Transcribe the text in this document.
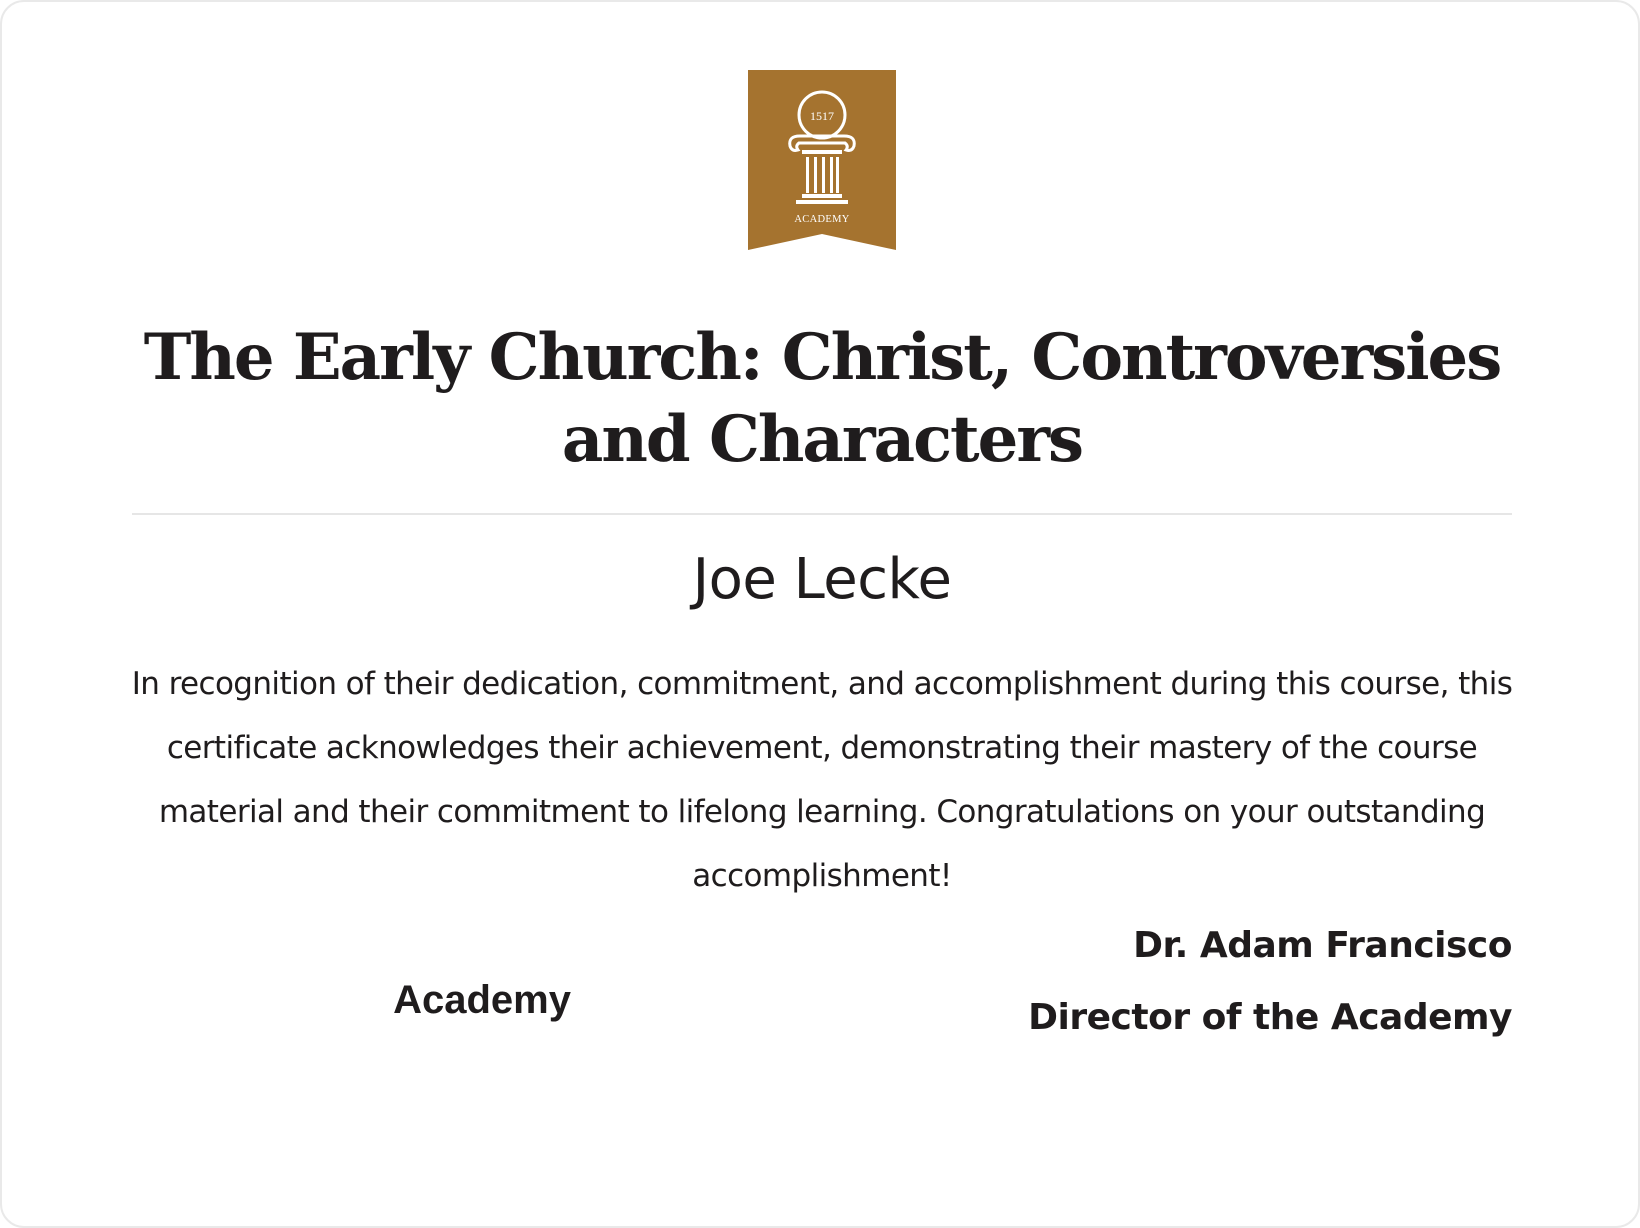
1517
ACADEMY
The Early Church: Christ, Controversies and Characters
Joe Lecke

In recognition of their dedication, commitment, and accomplishment during this course, this certificate acknowledges their achievement, demonstrating their mastery of the course material and their commitment to lifelong learning. Congratulations on your outstanding accomplishment!

Academy
Dr. Adam Francisco
Director of the Academy
